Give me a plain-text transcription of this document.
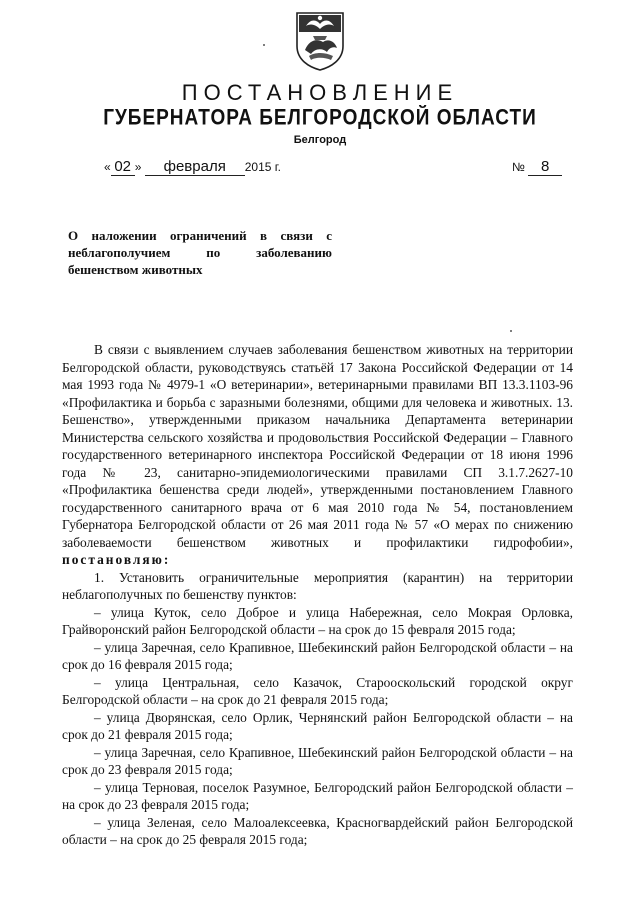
ПОСТАНОВЛЕНИЕ
ГУБЕРНАТОРА БЕЛГОРОДСКОЙ ОБЛАСТИ
Белгород
« 02 » февраля 2015 г.	№ 8
О наложении ограничений в связи с
неблагополучием	по	заболеванию
бешенством животных

В связи с выявлением случаев заболевания бешенством животных на территории Белгородской области, руководствуясь статьёй 17 Закона Российской Федерации от 14 мая 1993 года № 4979-1 «О ветеринарии», ветеринарными правилами ВП 13.3.1103-96 «Профилактика и борьба с заразными болезнями, общими для человека и животных. 13. Бешенство», утвержденными приказом начальника Департамента ветеринарии Министерства сельского хозяйства и продовольствия Российской Федерации – Главного государственного ветеринарного инспектора Российской Федерации от 18 июня 1996 года № 23, санитарно-эпидемиологическими правилами СП 3.1.7.2627-10 «Профилактика бешенства среди людей», утвержденными постановлением Главного государственного санитарного врача от 6 мая 2010 года № 54, постановлением Губернатора Белгородской области от 26 мая 2011 года № 57 «О мерах по снижению заболеваемости бешенством животных и профилактики гидрофобии», постановляю:

1. Установить ограничительные мероприятия (карантин) на территории неблагополучных по бешенству пунктов:

– улица Куток, село Доброе и улица Набережная, село Мокрая Орловка, Грайворонский район Белгородской области – на срок до 15 февраля 2015 года;

– улица Заречная, село Крапивное, Шебекинский район Белгородской области – на срок до 16 февраля 2015 года;

– улица Центральная, село Казачок, Старооскольский городской округ Белгородской области – на срок до 21 февраля 2015 года;

– улица Дворянская, село Орлик, Чернянский район Белгородской области – на срок до 21 февраля 2015 года;

– улица Заречная, село Крапивное, Шебекинский район Белгородской области – на срок до 23 февраля 2015 года;

– улица Терновая, поселок Разумное, Белгородский район Белгородской области – на срок до 23 февраля 2015 года;

– улица Зеленая, село Малоалексеевка, Красногвардейский район Белгородской области – на срок до 25 февраля 2015 года;
